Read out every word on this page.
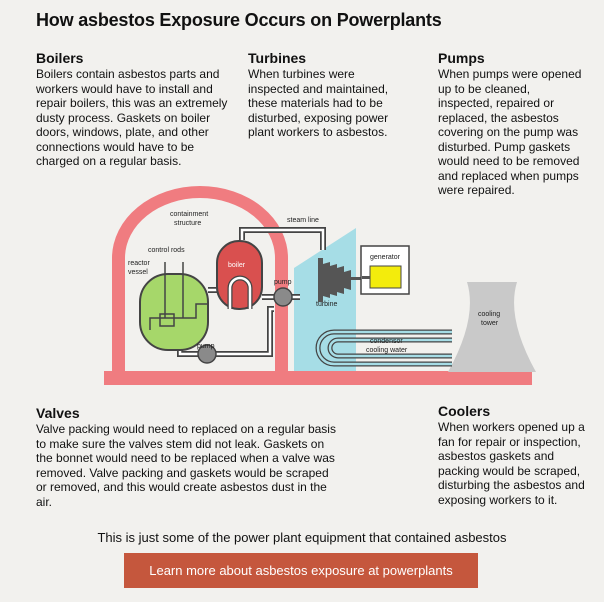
How asbestos Exposure Occurs on Powerplants
Boilers

Boilers contain asbestos parts and workers would have to install and repair boilers, this was an extremely dusty process. Gaskets on boiler doors, windows, plate, and other connections would have to be charged on a regular basis.

Turbines

When turbines were inspected and maintained, these materials had to be disturbed, exposing power plant workers to asbestos.

Pumps

When pumps were opened up to be cleaned, inspected, repaired or replaced, the asbestos covering on the pump was disturbed. Pump gaskets would need to be removed and replaced when pumps were repaired.

containment
structure	steam line
control rods
reactor
vessel
boiler
pump
generator
turbine
pump
condensor
cooling water
cooling
tower
Valves

Valve packing would need to replaced on a regular basis to make sure the valves stem did not leak. Gaskets on the bonnet would need to be replaced when a valve was removed. Valve packing and gaskets would be scraped or removed, and this would create asbestos dust in the air.

Coolers

When workers opened up a fan for repair or inspection, asbestos gaskets and packing would be scraped, disturbing the asbestos and exposing workers to it.

This is just some of the power plant equipment that contained asbestos
Learn more about asbestos exposure at powerplants
